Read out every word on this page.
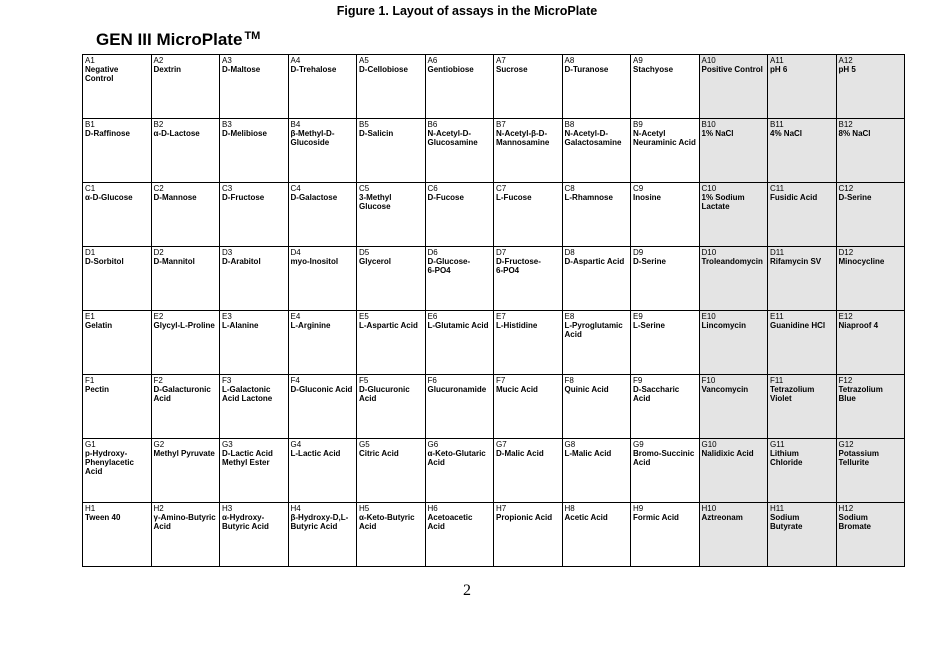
Figure 1. Layout of assays in the MicroPlate
GEN III MicroPlate ™
A1
Negative Control	A2
Dextrin	A3
D-Maltose	A4
D-Trehalose	A5
D-Cellobiose	A6
Gentiobiose	A7
Sucrose	A8
D-Turanose	A9
Stachyose	A10
Positive Control	A11
pH 6	A12
pH 5

B1
D-Raffinose	B2
α-D-Lactose	B3
D-Melibiose	B4
β-Methyl-D-
Glucoside	B5
D-Salicin	B6
N-Acetyl-D-
Glucosamine	B7
N-Acetyl-β-D-
Mannosamine	B8
N-Acetyl-D-
Galactosamine	B9
N-Acetyl
Neuraminic Acid	B10
1% NaCl	B11
4% NaCl	B12
8% NaCl

C1
α-D-Glucose	C2
D-Mannose	C3
D-Fructose	C4
D-Galactose	C5
3-Methyl Glucose	C6
D-Fucose	C7
L-Fucose	C8
L-Rhamnose	C9
Inosine	C10
1% Sodium
Lactate	C11
Fusidic Acid	C12
D-Serine

D1
D-Sorbitol	D2
D-Mannitol	D3
D-Arabitol	D4
myo-Inositol	D5
Glycerol	D6
D-Glucose-
6-PO4	D7
D-Fructose-
6-PO4	D8
D-Aspartic Acid	D9
D-Serine	D10
Troleandomycin	D11
Rifamycin SV	D12
Minocycline

E1
Gelatin	E2
Glycyl-L-Proline	E3
L-Alanine	E4
L-Arginine	E5
L-Aspartic Acid	E6
L-Glutamic Acid	E7
L-Histidine	E8
L-Pyroglutamic
Acid	E9
L-Serine	E10
Lincomycin	E11
Guanidine HCl	E12
Niaproof 4

F1
Pectin	F2
D-Galacturonic
Acid	F3
L-Galactonic
Acid Lactone	F4
D-Gluconic Acid	F5
D-Glucuronic
Acid	F6
Glucuronamide	F7
Mucic Acid	F8
Quinic Acid	F9
D-Saccharic Acid	F10
Vancomycin	F11
Tetrazolium
Violet	F12
Tetrazolium
Blue

G1
p-Hydroxy-
Phenylacetic
Acid	G2
Methyl Pyruvate	G3
D-Lactic Acid
Methyl Ester	G4
L-Lactic Acid	G5
Citric Acid	G6
α-Keto-Glutaric
Acid	G7
D-Malic Acid	G8
L-Malic Acid	G9
Bromo-Succinic
Acid	G10
Nalidixic Acid	G11
Lithium Chloride	G12
Potassium
Tellurite

H1
Tween 40	H2
γ-Amino-Butyric
Acid	H3
α-Hydroxy-
Butyric Acid	H4
β-Hydroxy-D,L-
Butyric Acid	H5
α-Keto-Butyric
Acid	H6
Acetoacetic Acid	H7
Propionic Acid	H8
Acetic Acid	H9
Formic Acid	H10
Aztreonam	H11
Sodium Butyrate	H12
Sodium Bromate
2
